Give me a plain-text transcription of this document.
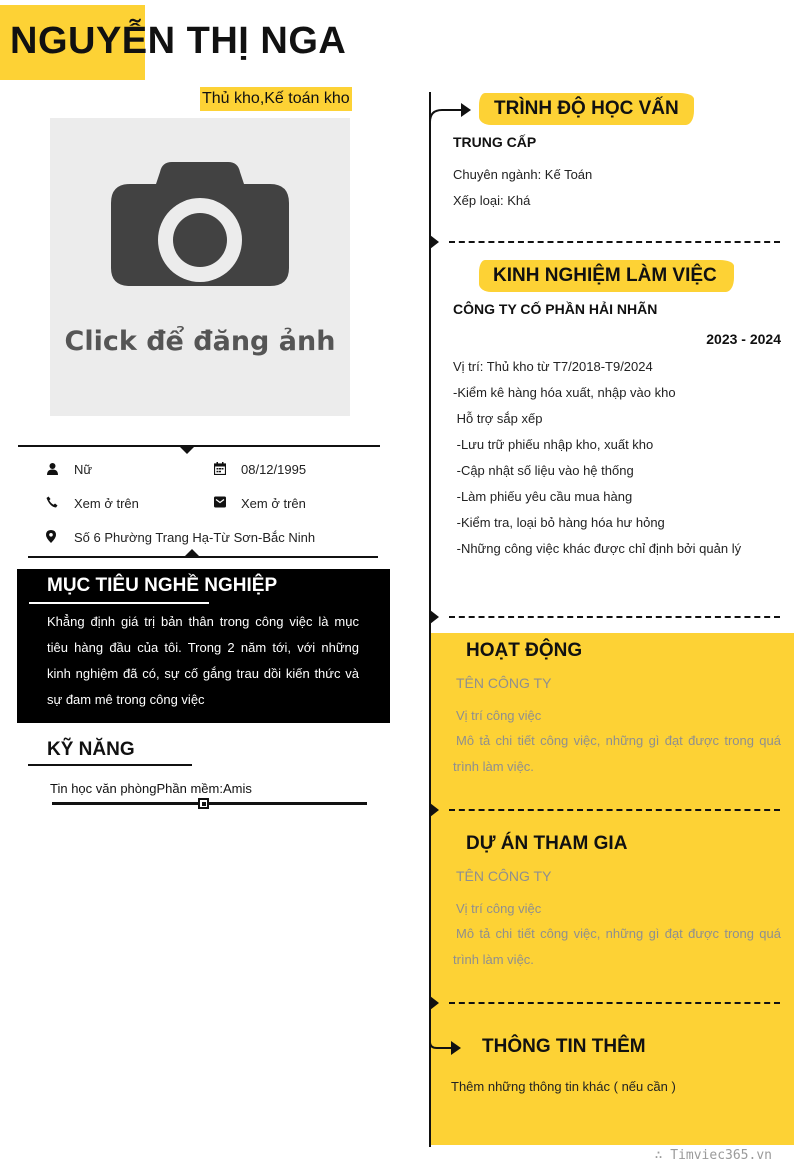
NGUYỄN THỊ NGA
Thủ kho,Kế toán kho
Click để đăng ảnh
Nữ	08/12/1995
Xem ở trên	Xem ở trên
Số 6 Phường Trang Hạ-Từ Sơn-Bắc Ninh
MỤC TIÊU NGHỀ NGHIỆP
Khẳng định giá trị bản thân trong công việc là mục tiêu hàng đầu của tôi. Trong 2 năm tới, với những kinh nghiệm đã có, sự cố gắng trau dồi kiến thức và sự đam mê trong công việc
KỸ NĂNG
Tin học văn phòngPhần mềm:Amis
TRÌNH ĐỘ HỌC VẤN
TRUNG CẤP
Chuyên ngành: Kế Toán
Xếp loại: Khá
KINH NGHIỆM LÀM VIỆC
CÔNG TY CỐ PHẦN HẢI NHÃN
2023 - 2024
Vị trí: Thủ kho từ T7/2018-T9/2024
-Kiểm kê hàng hóa xuất, nhập vào kho
Hỗ trợ sắp xếp
-Lưu trữ phiếu nhập kho, xuất kho
-Cập nhật số liệu vào hệ thống
-Làm phiếu yêu cầu mua hàng
-Kiểm tra, loại bỏ hàng hóa hư hỏng
-Những công việc khác được chỉ định bởi quản lý
HOẠT ĐỘNG
TÊN CÔNG TY
Vị trí công việc
Mô tả chi tiết công việc, những gì đạt được trong quá trình làm việc.
DỰ ÁN THAM GIA
TÊN CÔNG TY
Vị trí công việc
Mô tả chi tiết công việc, những gì đạt được trong quá trình làm việc.
THÔNG TIN THÊM
Thêm những thông tin khác ( nếu cần )
∴ Timviec365.vn
